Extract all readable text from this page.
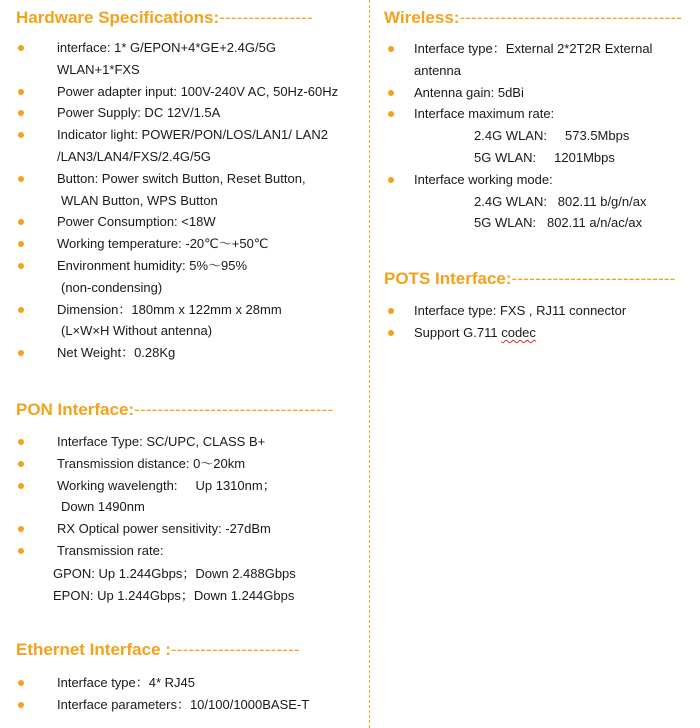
Hardware Specifications:----------------
interface: 1* G/EPON+4*GE+2.4G/5G
WLAN+1*FXS
Power adapter input: 100V-240V AC, 50Hz-60Hz
Power Supply: DC 12V/1.5A
Indicator light: POWER/PON/LOS/LAN1/ LAN2
/LAN3/LAN4/FXS/2.4G/5G
Button: Power switch Button, Reset Button,
WLAN Button, WPS Button
Power Consumption: <18W
Working temperature: -20℃～+50℃
Environment humidity: 5%～95%
(non-condensing)
Dimension：180mm x 122mm x 28mm
(L×W×H Without antenna)
Net Weight：0.28Kg
PON Interface:----------------------------------
Interface Type: SC/UPC, CLASS B+
Transmission distance: 0～20km
Working wavelength:     Up 1310nm；
Down 1490nm
RX Optical power sensitivity: -27dBm
Transmission rate:
GPON: Up 1.244Gbps；Down 2.488Gbps
EPON: Up 1.244Gbps；Down 1.244Gbps
Ethernet Interface :----------------------
Interface type：4* RJ45
Interface parameters：10/100/1000BASE-T
Wireless:--------------------------------------
Interface type：External 2*2T2R External
antenna
Antenna gain: 5dBi
Interface maximum rate:
2.4G WLAN:     573.5Mbps
5G WLAN:     1201Mbps
Interface working mode:
2.4G WLAN:   802.11 b/g/n/ax
5G WLAN:   802.11 a/n/ac/ax
POTS Interface:----------------------------
Interface type: FXS , RJ11 connector
Support G.711 codec
